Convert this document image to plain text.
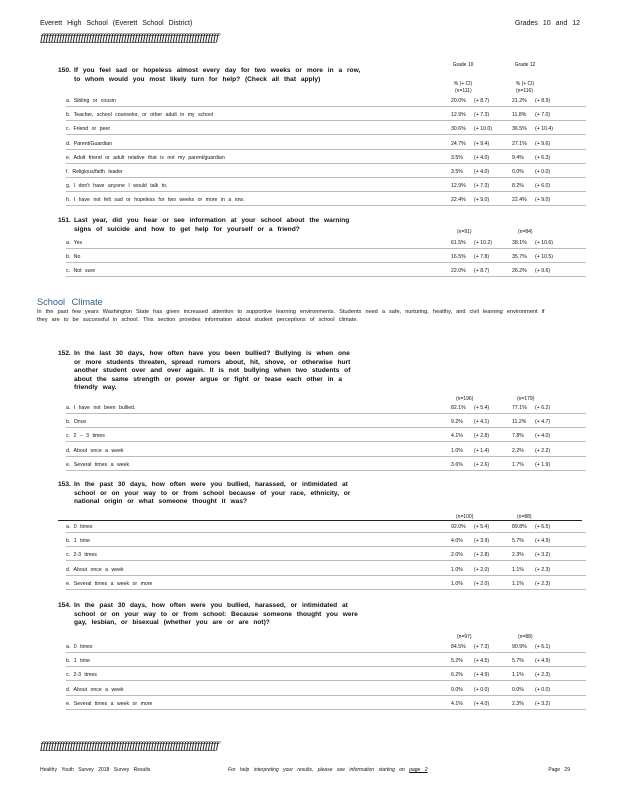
Everett High School (Everett School District)	Grades 10 and 12
ƒƒƒƒƒƒƒƒƒƒƒƒƒƒƒƒƒƒƒƒƒƒƒƒƒƒƒƒƒƒƒƒƒƒƒƒƒƒƒƒƒƒƒƒƒƒƒƒƒƒƒƒƒƒƒƒƒƒƒƒƒƒƒƒƒƒ
Grade 10	Grade 12
% (+ CI)	% (+ CI)
150. If you feel sad or hopeless almost every day for two weeks or more in a row, to whom would you most likely turn for help? (Check all that apply)
(n=111)	(n=116)
a. Sibling or cousin	20.0% (+ 8.7)	21.2% (+ 8.9)
b. Teacher, school counselor, or other adult in my school	12.9% (+ 7.3)	11.8% (+ 7.0)
c. Friend or peer	30.6% (+ 10.0)	36.5% (+ 10.4)
d. Parent/Guardian	24.7% (+ 9.4)	27.1% (+ 9.6)
e. Adult friend or adult relative that is not my parent/guardian	3.5% (+ 4.0)	9.4% (+ 6.3)
f. Religious/faith leader	3.5% (+ 4.0)	0.0% (+ 0.0)
g. I don't have anyone I would talk to.	12.9% (+ 7.3)	8.2% (+ 6.0)
h. I have not felt sad or hopeless for two weeks or more in a row.	22.4% (+ 9.0)	22.4% (+ 9.0)
151. Last year, did you hear or see information at your school about the warning signs of suicide and how to get help for yourself or a friend?	(n=91)	(n=84)
a. Yes	61.5% (+ 10.2)	38.1% (+ 10.6)
b. No	16.5% (+ 7.8)	35.7% (+ 10.5)
c. Not sure	22.0% (+ 8.7)	26.2% (+ 9.6)
School Climate
In the past few years Washington State has given increased attention to supportive learning environments. Students need a safe, nurturing, healthy, and civil learning environment if they are to be successful in school. This section provides information about student perceptions of school climate.
152. In the last 30 days, how often have you been bullied? Bullying is when one or more students threaten, spread rumors about, hit, shove, or otherwise hurt another student over and over again. It is not bullying when two students of about the same strength or power argue or fight or tease each other in a friendly way.
(n=196)	(n=179)
a. I have not been bullied.	82.1% (+ 5.4)	77.1% (+ 6.2)
b. Once	9.2% (+ 4.1)	11.2% (+ 4.7)
c. 2 – 3 times	4.1% (+ 2.8)	7.8% (+ 4.0)
d. About once a week	1.0% (+ 1.4)	2.2% (+ 2.2)
e. Several times a week	3.6% (+ 2.6)	1.7% (+ 1.9)
153. In the past 30 days, how often were you bullied, harassed, or intimidated at school or on your way to or from school because of your race, ethnicity, or national origin or what someone thought it was?
(n=100)	(n=88)
a. 0 times	92.0% (+ 5.4)	89.8% (+ 6.5)
b. 1 time	4.0% (+ 3.9)	5.7% (+ 4.9)
c. 2-3 times	2.0% (+ 2.8)	2.3% (+ 3.2)
d. About once a week	1.0% (+ 2.0)	1.1% (+ 2.3)
e. Several times a week or more	1.0% (+ 2.0)	1.1% (+ 2.3)
154. In the past 30 days, how often were you bullied, harassed, or intimidated at school or on your way to or from school: Because someone thought you were gay, lesbian, or bisexual (whether you are or are not)?
(n=97)	(n=88)
a. 0 times	84.5% (+ 7.3)	90.9% (+ 6.1)
b. 1 time	5.2% (+ 4.5)	5.7% (+ 4.9)
c. 2-3 times	6.2% (+ 4.9)	1.1% (+ 2.3)
d. About once a week	0.0% (+ 0.0)	0.0% (+ 0.0)
e. Several times a week or more	4.1% (+ 4.0)	2.3% (+ 3.2)
ƒƒƒƒƒƒƒƒƒƒƒƒƒƒƒƒƒƒƒƒƒƒƒƒƒƒƒƒƒƒƒƒƒƒƒƒƒƒƒƒƒƒƒƒƒƒƒƒƒƒƒƒƒƒƒƒƒƒƒƒƒƒƒƒƒƒ
Healthy Youth Survey 2018 Survey Results	For help interpreting your results, please see information starting on page 2	Page 29
